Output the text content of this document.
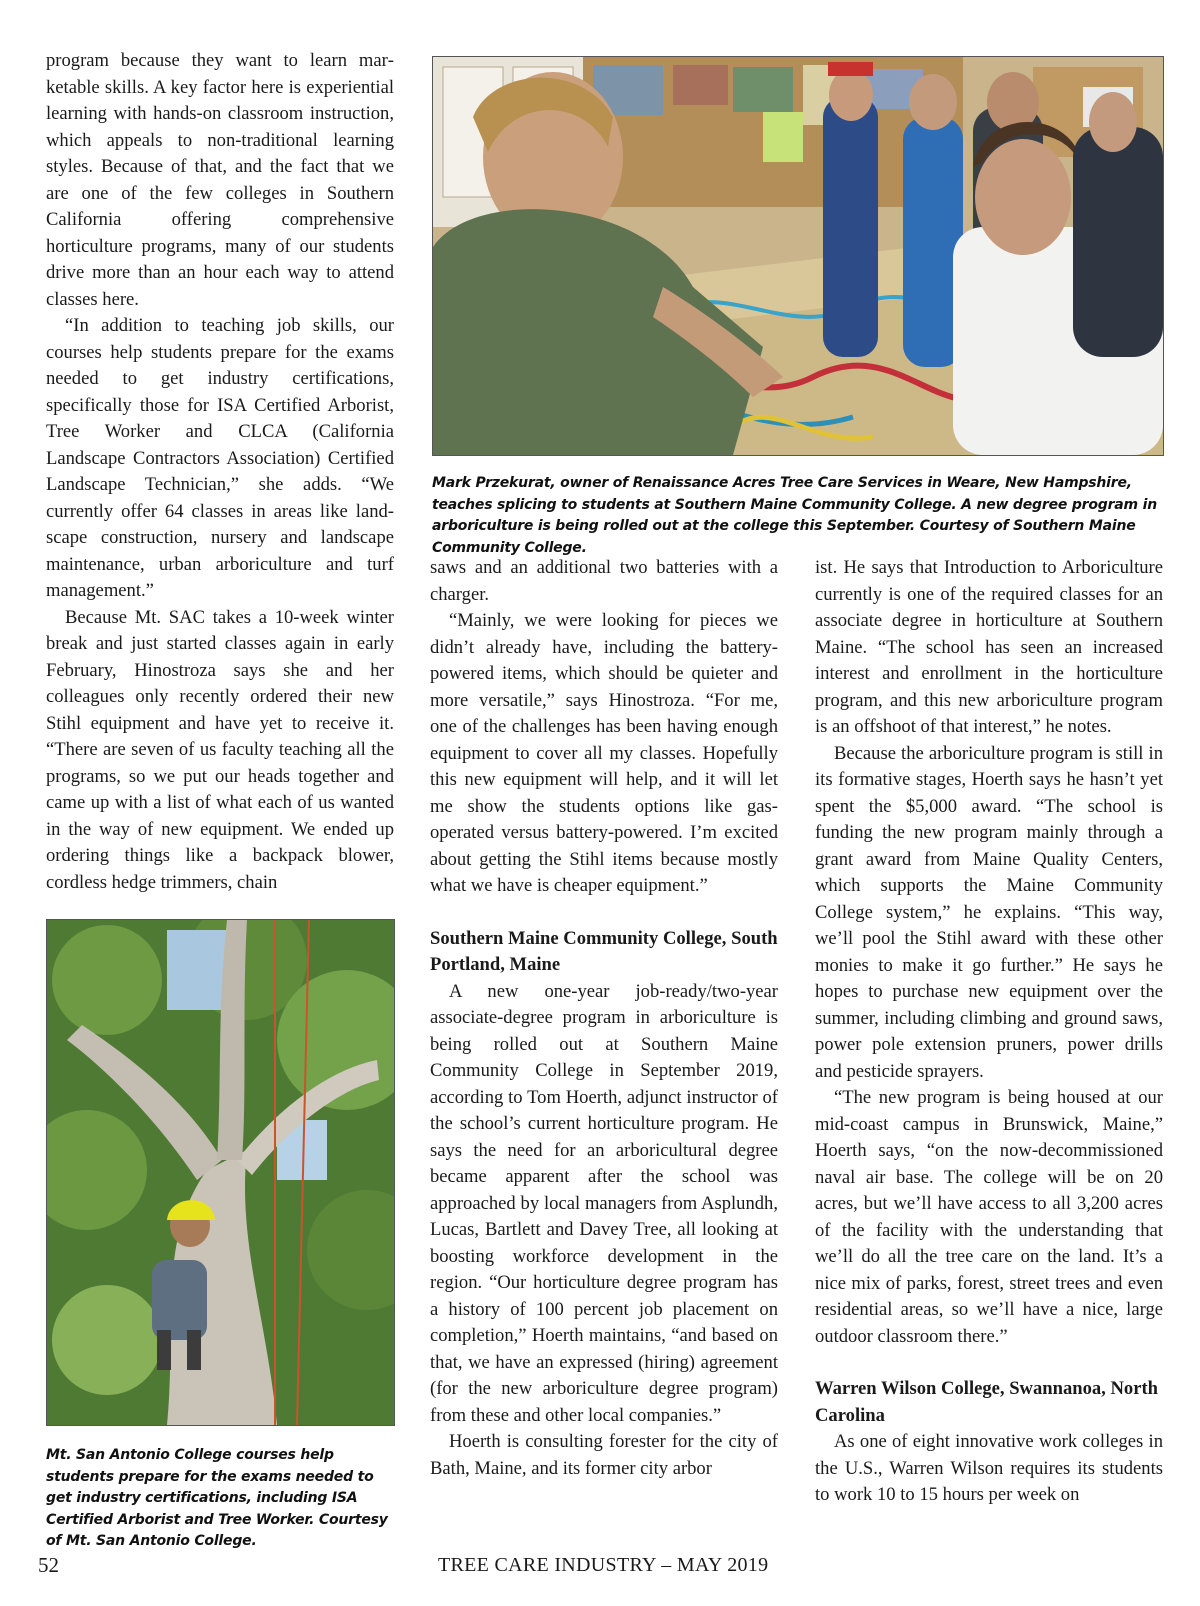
program because they want to learn marketable skills. A key factor here is experiential learning with hands-on classroom instruction, which appeals to non-traditional learning styles. Because of that, and the fact that we are one of the few colleges in Southern California offering comprehensive horticulture programs, many of our students drive more than an hour each way to attend classes here.

“In addition to teaching job skills, our courses help students prepare for the exams needed to get industry certifications, specifically those for ISA Certified Arborist, Tree Worker and CLCA (California Landscape Contractors Association) Certified Landscape Technician,” she adds. “We currently offer 64 classes in areas like landscape construction, nursery and landscape maintenance, urban arboriculture and turf management.”

Because Mt. SAC takes a 10-week winter break and just started classes again in early February, Hinostroza says she and her colleagues only recently ordered their new Stihl equipment and have yet to receive it. “There are seven of us faculty teaching all the programs, so we put our heads together and came up with a list of what each of us wanted in the way of new equipment. We ended up ordering things like a backpack blower, cordless hedge trimmers, chain

Mark Przekurat, owner of Renaissance Acres Tree Care Services in Weare, New Hampshire, teaches splicing to students at Southern Maine Community College. A new degree program in arboriculture is being rolled out at the college this September. Courtesy of Southern Maine Community College.

saws and an additional two batteries with a charger.

“Mainly, we were looking for pieces we didn’t already have, including the battery-powered items, which should be quieter and more versatile,” says Hinostroza. “For me, one of the challenges has been having enough equipment to cover all my classes. Hopefully this new equipment will help, and it will let me show the students options like gas-operated versus battery-powered. I’m excited about getting the Stihl items because mostly what we have is cheaper equipment.”

Southern Maine Community College, South Portland, Maine

A new one-year job-ready/two-year associate-degree program in arboriculture is being rolled out at Southern Maine Community College in September 2019, according to Tom Hoerth, adjunct instructor of the school’s current horticulture program. He says the need for an arboricultural degree became apparent after the school was approached by local managers from Asplundh, Lucas, Bartlett and Davey Tree, all looking at boosting workforce development in the region. “Our horticulture degree program has a history of 100 percent job placement on completion,” Hoerth maintains, “and based on that, we have an expressed (hiring) agreement (for the new arboriculture degree program) from these and other local companies.”

Hoerth is consulting forester for the city of Bath, Maine, and its former city arbor

ist. He says that Introduction to Arboriculture currently is one of the required classes for an associate degree in horticulture at Southern Maine. “The school has seen an increased interest and enrollment in the horticulture program, and this new arboriculture program is an offshoot of that interest,” he notes.

Because the arboriculture program is still in its formative stages, Hoerth says he hasn’t yet spent the $5,000 award. “The school is funding the new program mainly through a grant award from Maine Quality Centers, which supports the Maine Community College system,” he explains. “This way, we’ll pool the Stihl award with these other monies to make it go further.” He says he hopes to purchase new equipment over the summer, including climbing and ground saws, power pole extension pruners, power drills and pesticide sprayers.

“The new program is being housed at our mid-coast campus in Brunswick, Maine,” Hoerth says, “on the now-decommissioned naval air base. The college will be on 20 acres, but we’ll have access to all 3,200 acres of the facility with the understanding that we’ll do all the tree care on the land. It’s a nice mix of parks, forest, street trees and even residential areas, so we’ll have a nice, large outdoor classroom there.”

Warren Wilson College, Swannanoa, North Carolina

As one of eight innovative work colleges in the U.S., Warren Wilson requires its students to work 10 to 15 hours per week on

Mt. San Antonio College courses help students prepare for the exams needed to get industry certifications, including ISA Certified Arborist and Tree Worker. Courtesy of Mt. San Antonio College.
52	TREE CARE INDUSTRY – MAY 2019
